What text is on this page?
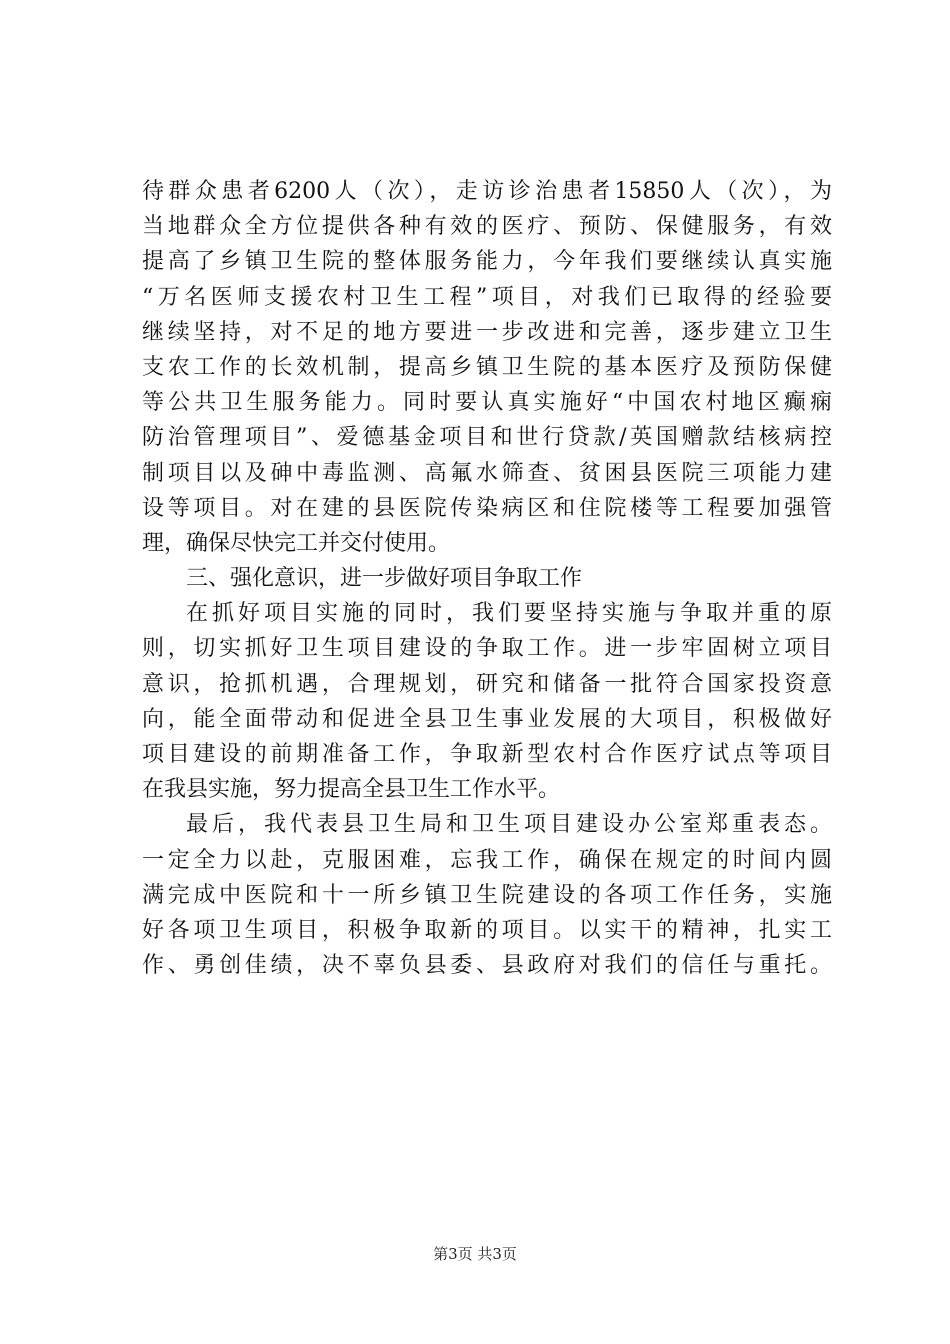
待群众患者6200人（次），走访诊治患者15850人（次），为
当地群众全方位提供各种有效的医疗、预防、保健服务，有效
提高了乡镇卫生院的整体服务能力，今年我们要继续认真实施
“万名医师支援农村卫生工程”项目，对我们已取得的经验要
继续坚持，对不足的地方要进一步改进和完善，逐步建立卫生
支农工作的长效机制，提高乡镇卫生院的基本医疗及预防保健
等公共卫生服务能力。同时要认真实施好“中国农村地区癫痫
防治管理项目”、爱德基金项目和世行贷款/英国赠款结核病控
制项目以及砷中毒监测、高氟水筛查、贫困县医院三项能力建
设等项目。对在建的县医院传染病区和住院楼等工程要加强管
理，确保尽快完工并交付使用。
三、强化意识，进一步做好项目争取工作
在抓好项目实施的同时，我们要坚持实施与争取并重的原
则，切实抓好卫生项目建设的争取工作。进一步牢固树立项目
意识，抢抓机遇，合理规划，研究和储备一批符合国家投资意
向，能全面带动和促进全县卫生事业发展的大项目，积极做好
项目建设的前期准备工作，争取新型农村合作医疗试点等项目
在我县实施，努力提高全县卫生工作水平。
最后，我代表县卫生局和卫生项目建设办公室郑重表态。
一定全力以赴，克服困难，忘我工作，确保在规定的时间内圆
满完成中医院和十一所乡镇卫生院建设的各项工作任务，实施
好各项卫生项目，积极争取新的项目。以实干的精神，扎实工
作、勇创佳绩，决不辜负县委、县政府对我们的信任与重托。
第3页 共3页
